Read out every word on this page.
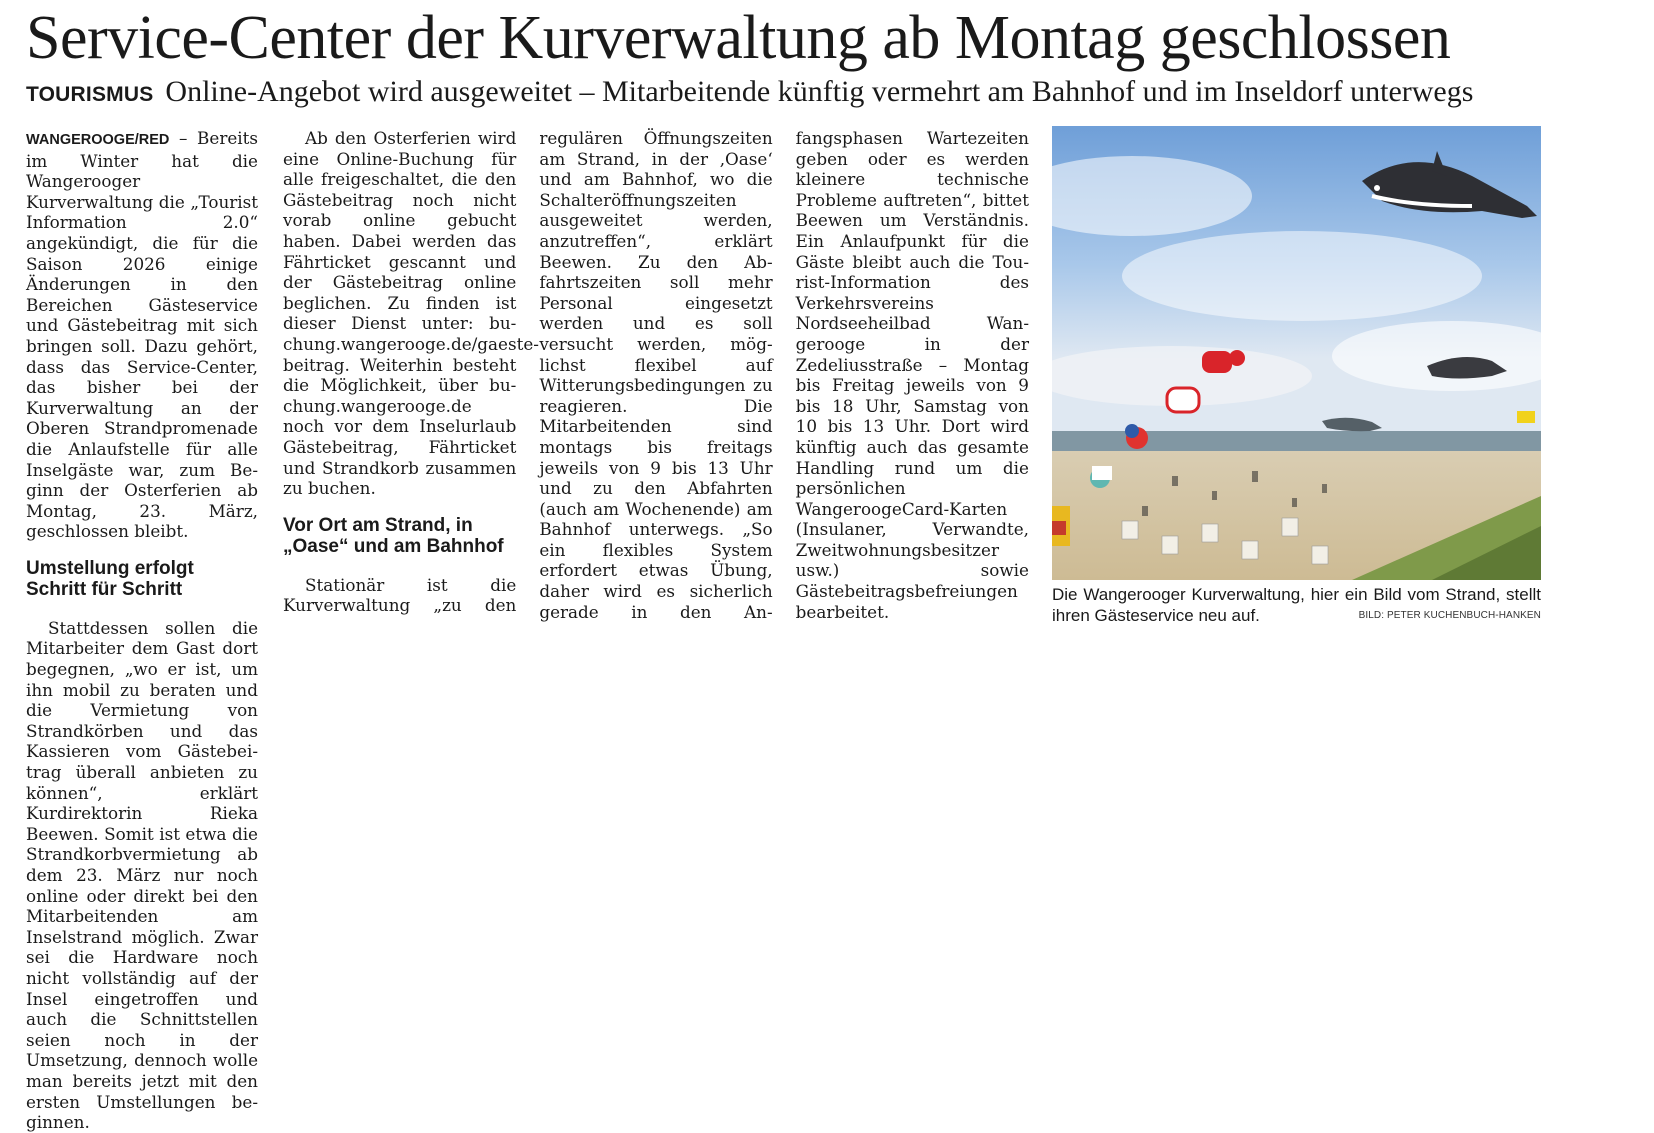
Service-Center der Kurverwaltung ab Montag geschlossen
TOURISMUS Online-Angebot wird ausgeweitet – Mitarbeitende künftig vermehrt am Bahnhof und im Inseldorf unterwegs

WANGEROOGE/RED – Bereits im Winter hat die Wangerooger Kurverwaltung die „Tourist Information 2.0“ angekündigt, die für die Saison 2026 einige Änderungen in den Bereichen Gästeservice und Gästebeitrag mit sich bringen soll. Dazu gehört, dass das Service-Center, das bisher bei der Kurverwaltung an der Oberen Strandpromenade die Anlaufstelle für alle Inselgäste war, zum Beginn der Osterferien ab Montag, 23. März, geschlossen bleibt.

Umstellung erfolgt Schritt für Schritt

Stattdessen sollen die Mitarbeiter dem Gast dort begegnen, „wo er ist, um ihn mobil zu beraten und die Vermietung von Strandkörben und das Kassieren vom Gästebeitrag überall anbieten zu können“, erklärt Kurdirektorin Rieka Beewen. Somit ist etwa die Strandkorbvermietung ab dem 23. März nur noch online oder direkt bei den Mitarbeitenden am Inselstrand möglich. Zwar sei die Hardware noch nicht vollständig auf der Insel eingetroffen und auch die Schnittstellen seien noch in der Umsetzung, dennoch wolle man bereits jetzt mit den ersten Umstellungen beginnen.

Ab den Osterferien wird eine Online-Buchung für alle freigeschaltet, die den Gästebeitrag noch nicht vorab online gebucht haben. Dabei werden das Fährticket gescannt und der Gästebeitrag online beglichen. Zu finden ist dieser Dienst unter: buchung.wangerooge.de/gaestebeitrag. Weiterhin besteht die Möglichkeit, über buchung.wangerooge.de noch vor dem Inselurlaub Gästebeitrag, Fährticket und Strandkorb zusammen zu buchen.

Vor Ort am Strand, in „Oase“ und am Bahnhof

Stationär ist die Kurverwaltung „zu den regulären Öffnungszeiten am Strand, in der ‚Oase‘ und am Bahnhof, wo die Schalteröffnungszeiten ausgeweitet werden, anzutreffen“, erklärt Beewen. Zu den Abfahrtszeiten soll mehr Personal eingesetzt werden und es soll versucht werden, möglichst flexibel auf Witterungsbedingungen zu reagieren. Die Mitarbeitenden sind montags bis freitags jeweils von 9 bis 13 Uhr und zu den Abfahrten (auch am Wochenende) am Bahnhof unterwegs. „So ein flexibles System erfordert etwas Übung, daher wird es sicherlich gerade in den Anfangsphasen Wartezeiten geben oder es werden kleinere technische Probleme auftreten“, bittet Beewen um Verständnis. Ein Anlaufpunkt für die Gäste bleibt auch die Tourist-Information des Verkehrsvereins Nordseeheilbad Wangerooge in der Zedeliusstraße – Montag bis Freitag jeweils von 9 bis 18 Uhr, Samstag von 10 bis 13 Uhr. Dort wird künftig auch das gesamte Handling rund um die persönlichen WangeroogeCard-Karten (Insulaner, Verwandte, Zweitwohnungsbesitzer usw.) sowie Gästebeitragsbefreiungen bearbeitet.

Die Wangerooger Kurverwaltung, hier ein Bild vom Strand, stellt ihren Gästeservice neu auf.	BILD: PETER KUCHENBUCH-HANKEN
